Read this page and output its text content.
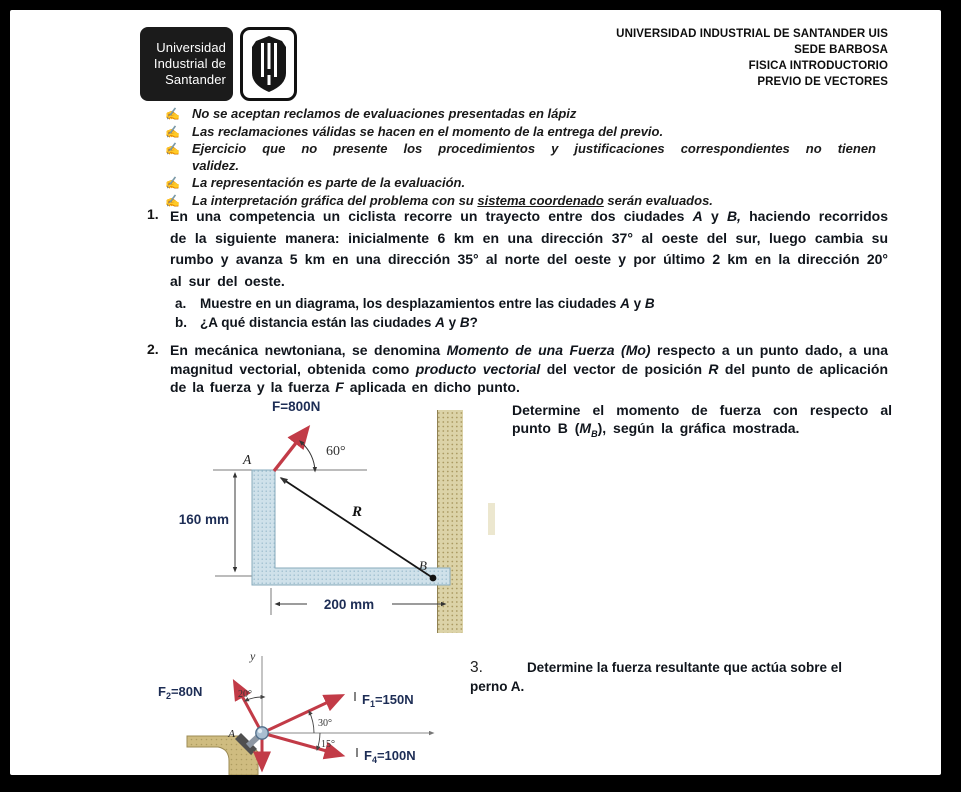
Universidad
Industrial de
Santander
UNIVERSIDAD INDUSTRIAL DE SANTANDER UIS
SEDE BARBOSA
FISICA INTRODUCTORIO
PREVIO DE VECTORES
✍ No se aceptan reclamos de evaluaciones presentadas en lápiz
✍ Las reclamaciones válidas se hacen en el momento de la entrega del previo.
✍ Ejercicio que no presente los procedimientos y justificaciones correspondientes no tienen validez.
✍ La representación es parte de la evaluación.
✍ La interpretación gráfica del problema con su sistema coordenado serán evaluados.
1. En una competencia un ciclista recorre un trayecto entre dos ciudades A y B, haciendo recorridos de la siguiente manera: inicialmente 6 km en una dirección 37° al oeste del sur, luego cambia su rumbo y avanza 5 km en una dirección 35° al norte del oeste y por último 2 km en la dirección 20° al sur del oeste.
a.	Muestre en un diagrama, los desplazamientos entre las ciudades A y B
b. ¿A qué distancia están las ciudades A y B?
2. En mecánica newtoniana, se denomina Momento de una Fuerza (Mo) respecto a un punto dado, a una magnitud vectorial, obtenida como producto vectorial del vector de posición R del punto de aplicación de la fuerza y la fuerza F aplicada en dicho punto.
Determine el momento de fuerza con respecto al punto B $(M_B)$, según la gráfica mostrada.
F=800N
60°
A
R
B
160 mm
200 mm
3.	Determine la fuerza resultante que actúa sobre el perno A.
y
A
20°
30°
15°
$F_2=80N$
$F_1=150N$
$F_4=100N$
